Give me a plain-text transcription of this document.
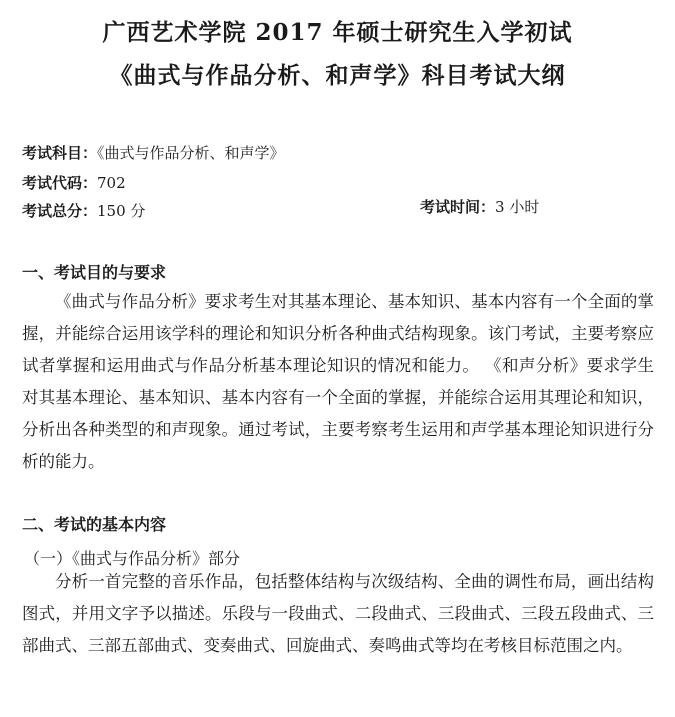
广西艺术学院 2017 年硕士研究生入学初试
《曲式与作品分析、和声学》科目考试大纲
考试科目：《曲式与作品分析、和声学》
考试代码：702
考试总分：150 分	考试时间：3 小时
一、考试目的与要求
《曲式与作品分析》要求考生对其基本理论、基本知识、基本内容有一个全面的掌握，并能综合运用该学科的理论和知识分析各种曲式结构现象。该门考试，主要考察应试者掌握和运用曲式与作品分析基本理论知识的情况和能力。 《和声分析》要求学生对其基本理论、基本知识、基本内容有一个全面的掌握，并能综合运用其理论和知识，分析出各种类型的和声现象。通过考试，主要考察考生运用和声学基本理论知识进行分析的能力。
二、考试的基本内容
（一）《曲式与作品分析》部分
分析一首完整的音乐作品，包括整体结构与次级结构、全曲的调性布局，画出结构图式，并用文字予以描述。乐段与一段曲式、二段曲式、三段曲式、三段五段曲式、三部曲式、三部五部曲式、变奏曲式、回旋曲式、奏鸣曲式等均在考核目标范围之内。
